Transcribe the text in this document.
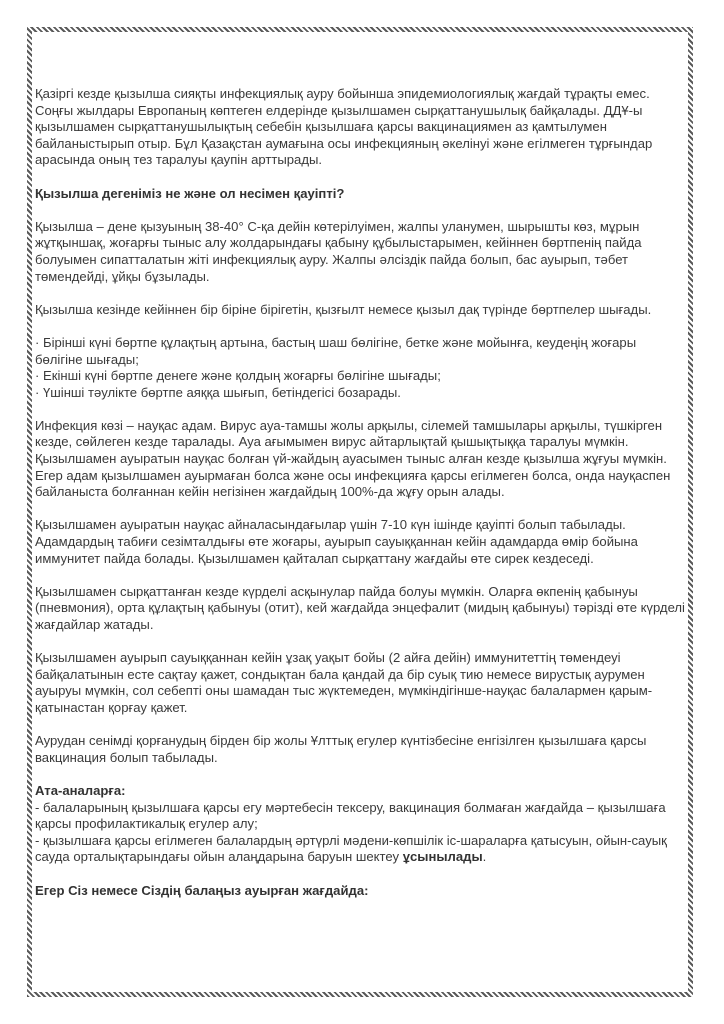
Қазіргі кезде қызылша сияқты инфекциялық ауру бойынша эпидемиологиялық жағдай тұрақты емес. Соңғы жылдары Европаның көптеген елдерінде қызылшамен сырқаттанушылық байқалады. ДДҰ-ы қызылшамен сырқаттанушылықтың себебін қызылшаға қарсы вакцинациямен аз қамтылумен байланыстырып отыр. Бұл Қазақстан аумағына осы инфекцияның әкелінуі және егілмеген тұрғындар арасында оның тез таралуы қаупін арттырады.

Қызылша дегеніміз не және ол несімен қауіпті?

Қызылша – дене қызуының 38-40° С-қа дейін көтерілуімен, жалпы уланумен, шырышты көз, мұрын жұтқыншақ, жоғарғы тыныс алу жолдарындағы қабыну құбылыстарымен, кейіннен бөртпенің пайда болуымен сипатталатын жіті инфекциялық ауру. Жалпы әлсіздік пайда болып, бас ауырып, тәбет төмендейді, ұйқы бұзылады.

Қызылша кезінде кейіннен бір біріне бірігетін, қызғылт немесе қызыл дақ түрінде бөртпелер шығады.

· Бірінші күні бөртпе құлақтың артына, бастың шаш бөлігіне, бетке және мойынға, кеудеңің жоғары бөлігіне шығады;

· Екінші күні бөртпе денеге және қолдың жоғарғы бөлігіне шығады;

· Үшінші тәулікте бөртпе аяққа шығып, бетіндегісі бозарады.

Инфекция көзі – науқас адам. Вирус ауа-тамшы жолы арқылы, сілемей тамшылары арқылы, түшкірген кезде, сөйлеген кезде таралады. Ауа ағымымен вирус айтарлықтай қышықтыққа таралуы мүмкін. Қызылшамен ауыратын науқас болған үй-жайдың ауасымен тыныс алған кезде қызылша жұғуы мүмкін. Егер адам қызылшамен ауырмаған болса және осы инфекцияға қарсы егілмеген болса, онда науқаспен байланыста болғаннан кейін негізінен жағдайдың 100%-да жұғу орын алады.

Қызылшамен ауыратын науқас айналасындағылар үшін 7-10 күн ішінде қауіпті болып табылады. Адамдардың табиғи сезімталдығы өте жоғары, ауырып сауыққаннан кейін адамдарда өмір бойына иммунитет пайда болады. Қызылшамен қайталап сырқаттану жағдайы өте сирек кездеседі.

Қызылшамен сырқаттанған кезде күрделі асқынулар пайда болуы мүмкін. Оларға өкпенің қабынуы (пневмония), орта құлақтың қабынуы (отит), кей жағдайда энцефалит (мидың қабынуы) тәрізді өте күрделі жағдайлар жатады.

Қызылшамен ауырып сауыққаннан кейін ұзақ уақыт бойы (2 айға дейін) иммунитеттің төмендеуі байқалатынын есте сақтау қажет, сондықтан бала қандай да бір суық тию немесе вирустық аурумен ауыруы мүмкін, сол себепті оны шамадан тыс жүктемеден, мүмкіндігінше-науқас балалармен қарым-қатынастан қорғау қажет.

Аурудан сенімді қорғанудың бірден бір жолы Ұлттық егулер күнтізбесіне енгізілген қызылшаға қарсы вакцинация болып табылады.

Ата-аналарға:

- балаларының қызылшаға қарсы егу мәртебесін тексеру, вакцинация болмаған жағдайда – қызылшаға қарсы профилактикалық егулер алу;

- қызылшаға қарсы егілмеген балалардың әртүрлі мәдени-көпшілік іс-шараларға қатысуын, ойын-сауық сауда орталықтарындағы ойын алаңдарына баруын шектеу ұсынылады.

Егер Сіз немесе Сіздің балаңыз ауырған жағдайда:
